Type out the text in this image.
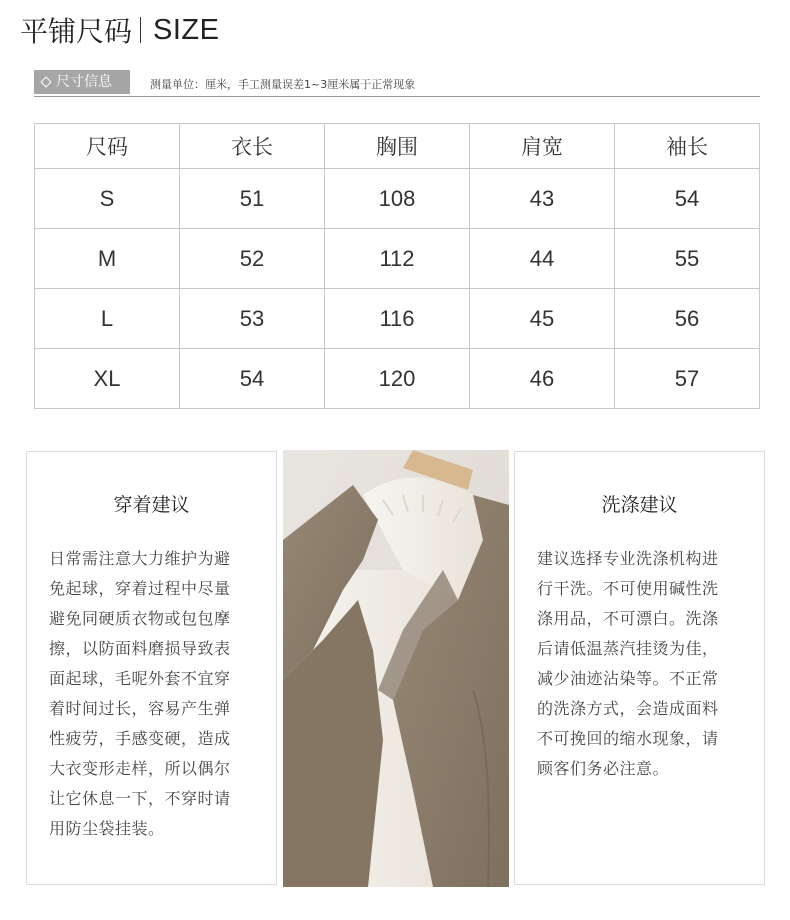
平铺尺码 SIZE
尺寸信息	测量单位：厘米，手工测量误差1~3厘米属于正常现象
尺码	衣长	胸围	肩宽	袖长
S	51	108	43	54
M	52	112	44	55
L	53	116	45	56
XL	54	120	46	57
穿着建议
日常需注意大力维护为避
免起球，穿着过程中尽量
避免同硬质衣物或包包摩
擦，以防面料磨损导致表
面起球，毛呢外套不宜穿
着时间过长，容易产生弹
性疲劳，手感变硬，造成
大衣变形走样，所以偶尔
让它休息一下，不穿时请
用防尘袋挂装。
洗涤建议
建议选择专业洗涤机构进
行干洗。不可使用碱性洗
涤用品，不可漂白。洗涤
后请低温蒸汽挂烫为佳，
减少油迹沾染等。不正常
的洗涤方式，会造成面料
不可挽回的缩水现象，请
顾客们务必注意。
